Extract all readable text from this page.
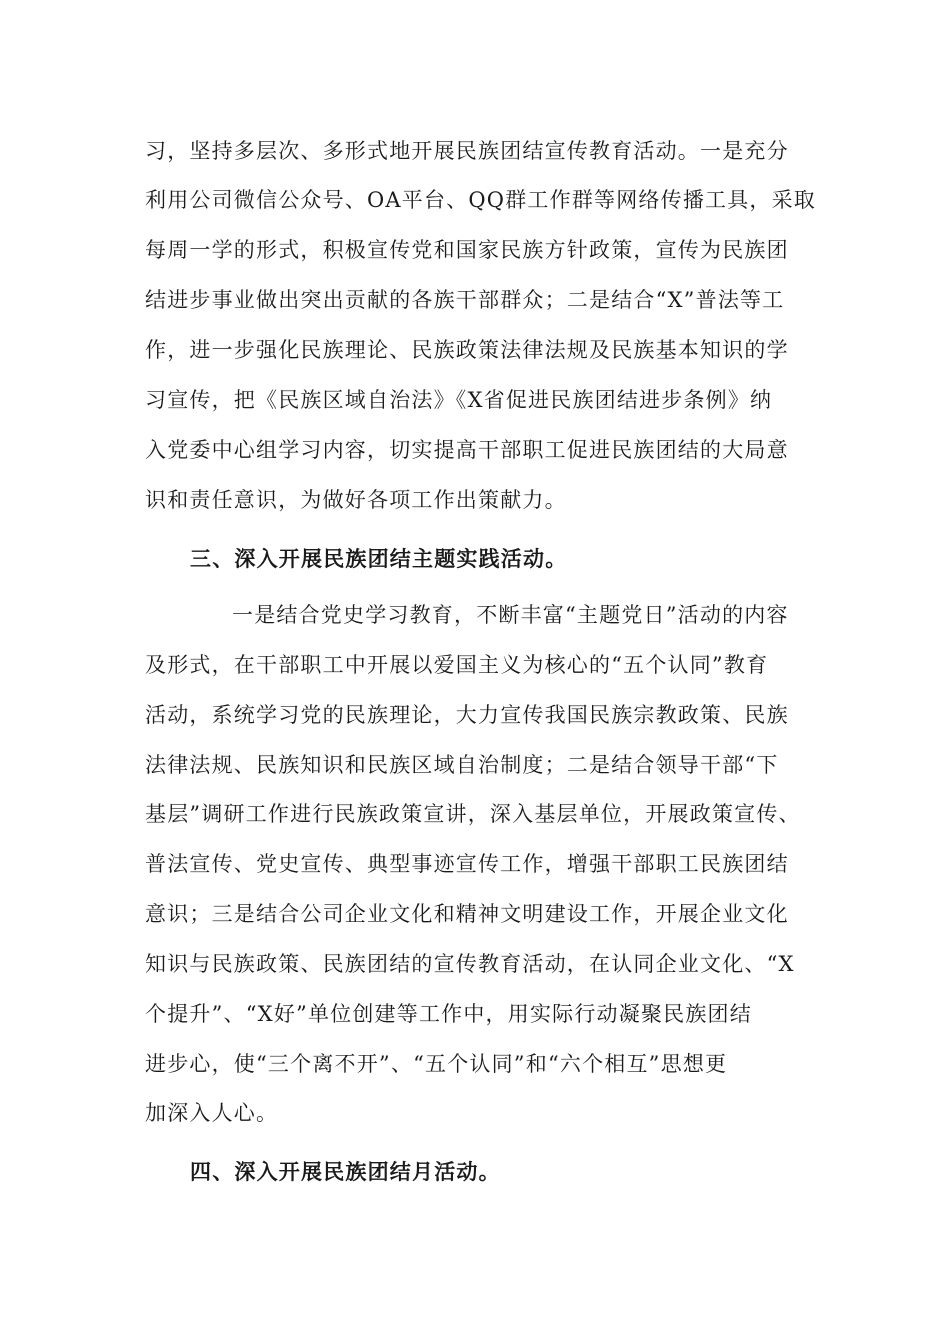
习，坚持多层次、多形式地开展民族团结宣传教育活动。一是充分
利用公司微信公众号、OA平台、QQ群工作群等网络传播工具，采取
每周一学的形式，积极宣传党和国家民族方针政策，宣传为民族团
结进步事业做出突出贡献的各族干部群众；二是结合“X”普法等工
作，进一步强化民族理论、民族政策法律法规及民族基本知识的学
习宣传，把《民族区域自治法》《X省促进民族团结进步条例》纳
入党委中心组学习内容，切实提高干部职工促进民族团结的大局意
识和责任意识，为做好各项工作出策献力。
三、深入开展民族团结主题实践活动。
一是结合党史学习教育，不断丰富“主题党日”活动的内容
及形式，在干部职工中开展以爱国主义为核心的“五个认同”教育
活动，系统学习党的民族理论，大力宣传我国民族宗教政策、民族
法律法规、民族知识和民族区域自治制度；二是结合领导干部“下
基层”调研工作进行民族政策宣讲，深入基层单位，开展政策宣传、
普法宣传、党史宣传、典型事迹宣传工作，增强干部职工民族团结
意识；三是结合公司企业文化和精神文明建设工作，开展企业文化
知识与民族政策、民族团结的宣传教育活动，在认同企业文化、“X
个提升”、“X好”单位创建等工作中，用实际行动凝聚民族团结
进步心，使“三个离不开”、“五个认同”和“六个相互”思想更
加深入人心。
四、深入开展民族团结月活动。
